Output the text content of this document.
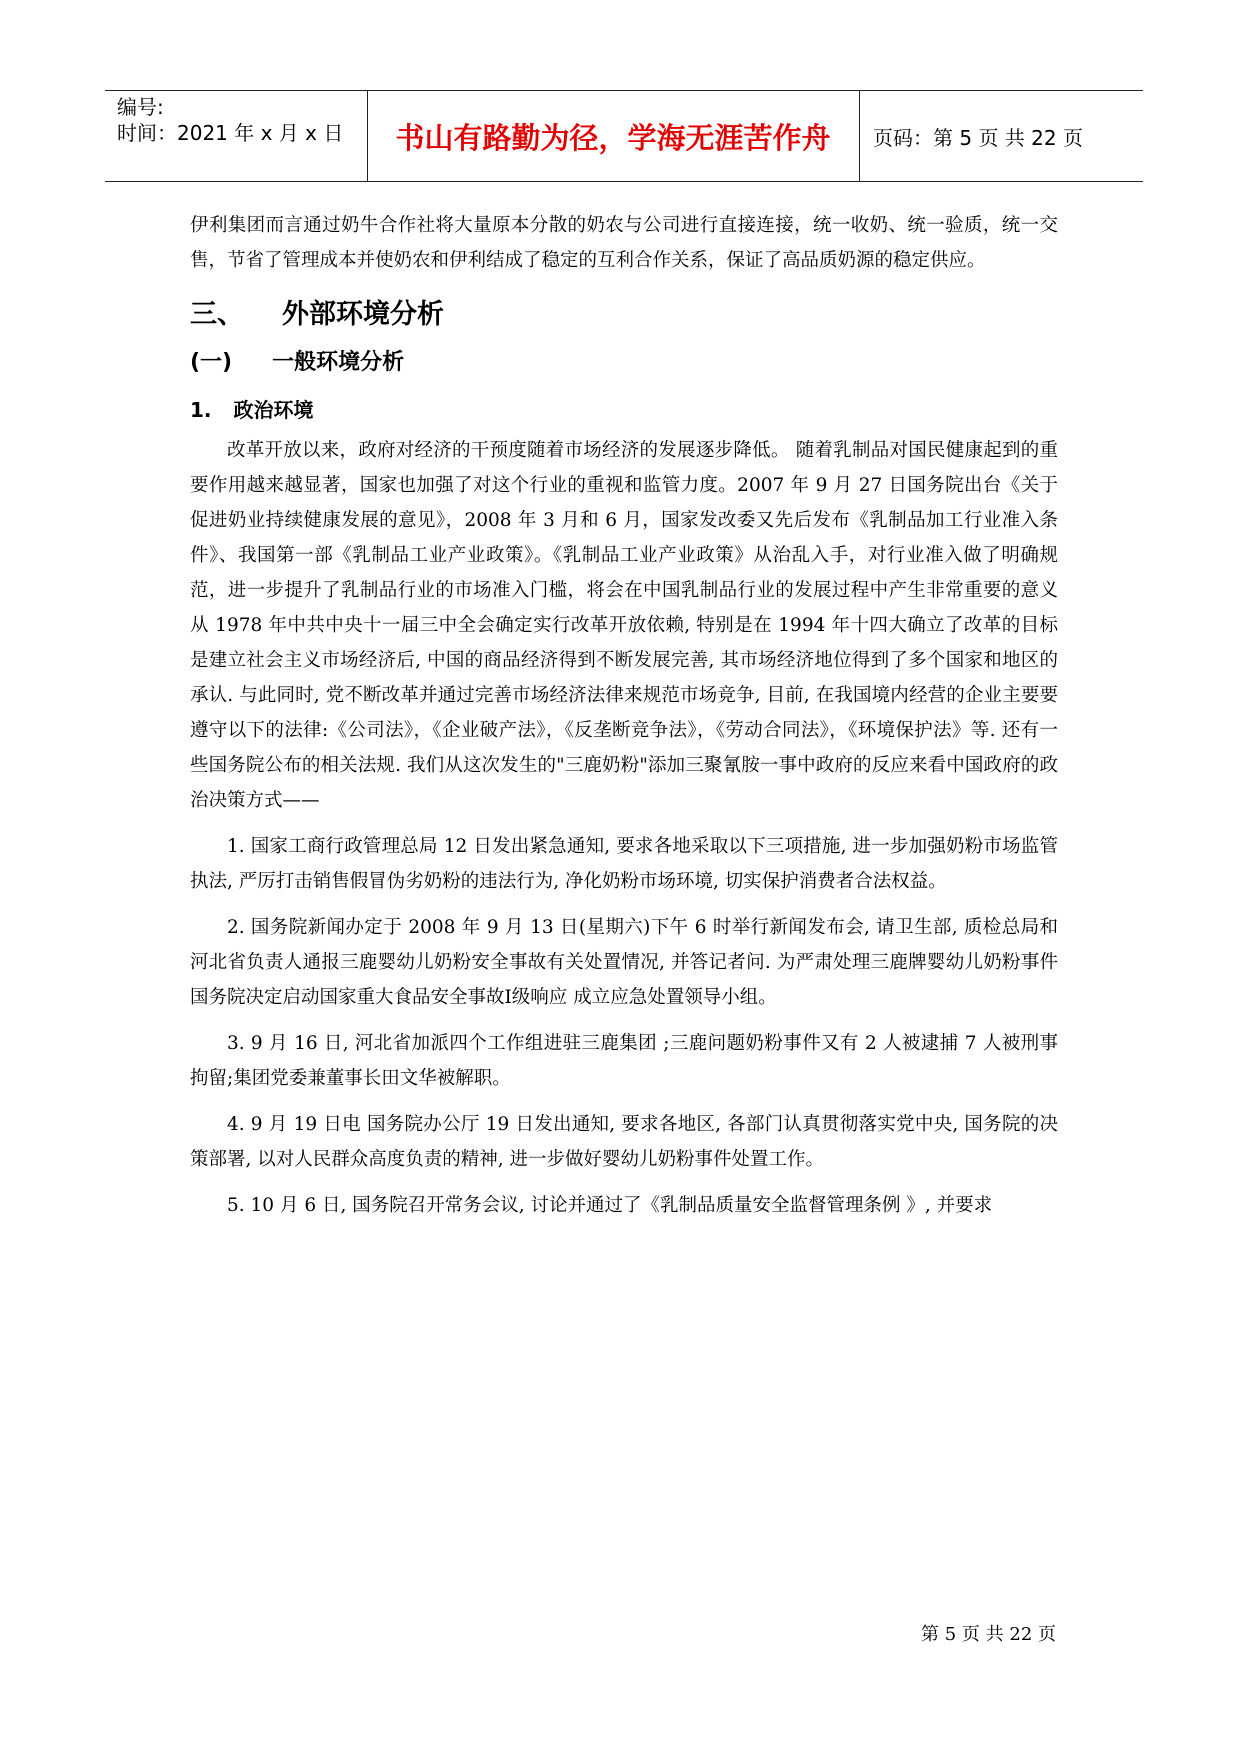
编号:
时间：2021 年 x 月 x 日 书山有路勤为径，学海无涯苦作舟 页码：第 5 页 共 22 页

伊利集团而言通过奶牛合作社将大量原本分散的奶农与公司进行直接连接，统一收奶、统一验质，统一交售，节省了管理成本并使奶农和伊利结成了稳定的互利合作关系，保证了高品质奶源的稳定供应。

三、 外部环境分析
(一) 一般环境分析
1. 政治环境

改革开放以来，政府对经济的干预度随着市场经济的发展逐步降低。 随着乳制品对国民健康起到的重要作用越来越显著，国家也加强了对这个行业的重视和监管力度。2007 年 9 月 27 日国务院出台《关于促进奶业持续健康发展的意见》，2008 年 3 月和 6 月，国家发改委又先后发布《乳制品加工行业准入条件》、我国第一部《乳制品工业产业政策》。《乳制品工业产业政策》从治乱入手，对行业准入做了明确规范，进一步提升了乳制品行业的市场准入门槛，将会在中国乳制品行业的发展过程中产生非常重要的意义从 1978 年中共中央十一届三中全会确定实行改革开放依赖, 特别是在 1994 年十四大确立了改革的目标是建立社会主义市场经济后, 中国的商品经济得到不断发展完善, 其市场经济地位得到了多个国家和地区的承认. 与此同时, 党不断改革并通过完善市场经济法律来规范市场竞争, 目前, 在我国境内经营的企业主要要遵守以下的法律:《公司法》，《企业破产法》，《反垄断竞争法》，《劳动合同法》，《环境保护法》等. 还有一些国务院公布的相关法规. 我们从这次发生的"三鹿奶粉"添加三聚氰胺一事中政府的反应来看中国政府的政治决策方式——

1. 国家工商行政管理总局 12 日发出紧急通知, 要求各地采取以下三项措施, 进一步加强奶粉市场监管执法, 严厉打击销售假冒伪劣奶粉的违法行为, 净化奶粉市场环境, 切实保护消费者合法权益。

2. 国务院新闻办定于 2008 年 9 月 13 日(星期六)下午 6 时举行新闻发布会, 请卫生部, 质检总局和河北省负责人通报三鹿婴幼儿奶粉安全事故有关处置情况, 并答记者问. 为严肃处理三鹿牌婴幼儿奶粉事件 国务院决定启动国家重大食品安全事故Ⅰ级响应 成立应急处置领导小组。

3. 9 月 16 日, 河北省加派四个工作组进驻三鹿集团 ;三鹿问题奶粉事件又有 2 人被逮捕 7 人被刑事拘留;集团党委兼董事长田文华被解职。

4. 9 月 19 日电 国务院办公厅 19 日发出通知, 要求各地区, 各部门认真贯彻落实党中央, 国务院的决策部署, 以对人民群众高度负责的精神, 进一步做好婴幼儿奶粉事件处置工作。

5. 10 月 6 日, 国务院召开常务会议, 讨论并通过了《乳制品质量安全监督管理条例 》, 并要求

第 5 页 共 22 页
